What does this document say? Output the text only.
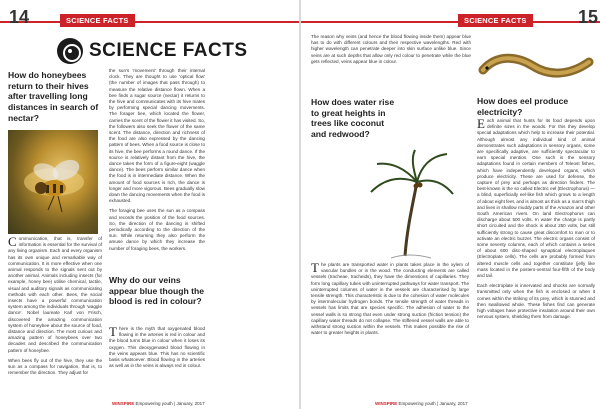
14	SCIENCE FACTS
SCIENCE FACTS
How do honeybees return to their hives after travelling long distances in search of nectar?

Communication, that is, transfer of information is essential for the survival of any living organism. Each and every organism has its own unique and remarkable way of communication. It is more effective when one animal responds to the signals sent out by another animal. Animals including insects (for example, honey bee) utilise chemical, tactile, visual and auditory signals as communicating methods with each other. Bees, the social insects have a powerful communication system among the individuals through 'waggle dance'. Nobel laureate Karl von Frisch, discovered the amazing communication system of honeybee about the source of food, distance and direction. The most curious and amazing pattern of honeybees over two decades and described the communication pattern of honeybee.

When bees fly out of the hive, they use the sun as a compass for navigation, that is, to remember the direction. They adjust for

the sun's 'movement' through their internal clock. They are thought to use 'optical flow' (the number of images that pass through) to measure the relative distance flown. When a bee finds a sugar source (nectar) it returns to the hive and communicates with its hive mates by performing special dancing movements. The forager bee, which located the flower, carries the scent of the flower it has visited. So, the followers also seek the flower of the same scent. The distance, direction and richness of the food are also expressed by the dancing pattern of bees. When a food source is close to its hive, the bee performs a round dance. If the source is relatively distant from the hive, the dance takes the form of a figure-eight (waggle dance). The bees perform similar dance when the food is in intermediate distance. When the amount of food sources is rich, the dance is longer and more vigorous. Bees gradually slow down the dancing movements when the food is exhausted.

The foraging bee uses the sun as a compass and records the position of the food sources. So, the direction of the dancing is shifted periodically according to the direction of the sun. While returning they also perform the amuse dance by which they increase the number of foraging bees, the workers.

Why do our veins appear blue though the blood is red in colour?

There is the myth that oxygenated blood flowing in the arteries is red in colour and the blood turns blue in colour when it loses its oxygen. This deoxygenated blood flowing in the veins appears blue. This has no scientific basis whatsoever. Blood flowing in the arteries as well as in the veins is always red in colour.

WINSPIRE Empowering youth | January, 2017
SCIENCE FACTS	15

The reason why veins (and hence the blood flowing inside them) appear blue has to do with different colours and their respective wavelengths. Red with higher wavelength can penetrate deeper into skin surface unlike blue. Since veins are at such depths that allow only red colour to penetrate while the blue gets reflected, veins appear blue in colour.

How does water rise to great heights in trees like coconut and redwood?

The plants are transported water in plants takes place in the xylem of vascular bundles or in the wood. The conducting elements are called vessels (tracheae, tracheids), they have the dimensions of capillaries. They form long capillary tubes with uninterrupted pathways for water transport. The uninterrupted columns of water in the vessels are characterised by large tensile strength. This characteristic is due to the cohesion of water molecules by intermolecular hydrogen bonds. The tensile strength of water threads in vessels has limits that are species specific. The adhesion of water to the vessel walls is so strong that even under strong suction (friction tension) the capillary water threads do not collapse. The stiffened vessel walls are able to withstand strong suction within the vessels. This makes possible the rise of water to greater heights in plants.

How does eel produce electricity?

Each animal that hunts for its food depends upon definite sizes in the woods. For this they develop special adaptations which help to increase their potential. Although almost any individual kind of animal demonstrates such adaptations in sensory organs, some are specifically adaptive, are sufficiently spectacular to earn special mention. One such is the sensory adaptations found in certain members of Teleost fishes, which have independently developed organs, which produce electricity. These are used for defense, the capture of prey and perhaps as direction finders. The best-known is the so called Electric eel (Electrophorus) — a blind, superficially eel-like fish which grows to a length of about eight feet, and is almost as thick as a man's thigh and lives in shallow muddy parts of the Amazon and other South American rivers. On land Electrophorus can discharge about 500 volts. In water the charge is partly short circuited and the shock is about 250 volts, but still sufficiently strong to cause great discomfort to man or to activate an electric buzzer. The electric organs consist of some seventy columns, each of which contains a series of about 600 disc-shaped synaptical electroplaques (Electroplate cells). The cells are probably formed from altered muscle cells and together constitute (jelly like mass located in the postero-ventral four-fifth of the body and tail.

Each electroplate is innervated and shocks are normally transmitted only when the fish is enclosed or when it comes within the striking of its prey, which is stunned and then swallowed whole. These fishes find can generate high voltages have protective insulation around their own nervous system, shielding them from damage.

WINSPIRE Empowering youth | January, 2017
